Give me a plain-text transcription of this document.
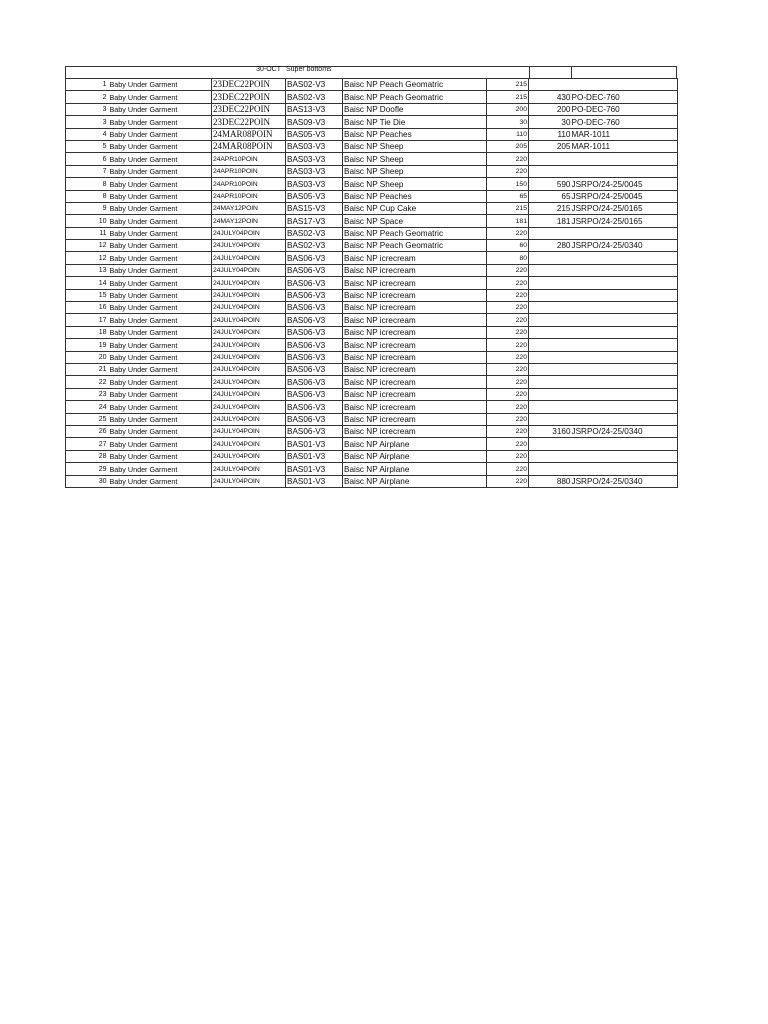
30-OCT Super bottoms
1	Baby Under Garment	23DEC22POIN	BAS02-V3	Baisc NP Peach Geomatric	215		
2	Baby Under Garment	23DEC22POIN	BAS02-V3	Baisc NP Peach Geomatric	215	430	PO-DEC-760
3	Baby Under Garment	23DEC22POIN	BAS13-V3	Baisc NP Doofle	200	200	PO-DEC-760
3	Baby Under Garment	23DEC22POIN	BAS09-V3	Baisc NP Tie Die	30	30	PO-DEC-760
4	Baby Under Garment	24MAR08POIN	BAS05-V3	Baisc NP Peaches	110	110	MAR-1011
5	Baby Under Garment	24MAR08POIN	BAS03-V3	Baisc NP Sheep	205	205	MAR-1011
6	Baby Under Garment	24APR10POIN	BAS03-V3	Baisc NP Sheep	220		
7	Baby Under Garment	24APR10POIN	BAS03-V3	Baisc NP Sheep	220		
8	Baby Under Garment	24APR10POIN	BAS03-V3	Baisc NP Sheep	150	590	JSRPO/24-25/0045
8	Baby Under Garment	24APR10POIN	BAS05-V3	Baisc NP Peaches	65	65	JSRPO/24-25/0045
9	Baby Under Garment	24MAY12POIN	BAS15-V3	Baisc NP Cup Cake	215	215	JSRPO/24-25/0165
10	Baby Under Garment	24MAY12POIN	BAS17-V3	Baisc NP Space	181	181	JSRPO/24-25/0165
11	Baby Under Garment	24JULY04POIN	BAS02-V3	Baisc NP Peach Geomatric	220		
12	Baby Under Garment	24JULY04POIN	BAS02-V3	Baisc NP Peach Geomatric	60	280	JSRPO/24-25/0340
12	Baby Under Garment	24JULY04POIN	BAS06-V3	Baisc NP icrecream	80		
13	Baby Under Garment	24JULY04POIN	BAS06-V3	Baisc NP icrecream	220		
14	Baby Under Garment	24JULY04POIN	BAS06-V3	Baisc NP icrecream	220		
15	Baby Under Garment	24JULY04POIN	BAS06-V3	Baisc NP icrecream	220		
16	Baby Under Garment	24JULY04POIN	BAS06-V3	Baisc NP icrecream	220		
17	Baby Under Garment	24JULY04POIN	BAS06-V3	Baisc NP icrecream	220		
18	Baby Under Garment	24JULY04POIN	BAS06-V3	Baisc NP icrecream	220		
19	Baby Under Garment	24JULY04POIN	BAS06-V3	Baisc NP icrecream	220		
20	Baby Under Garment	24JULY04POIN	BAS06-V3	Baisc NP icrecream	220		
21	Baby Under Garment	24JULY04POIN	BAS06-V3	Baisc NP icrecream	220		
22	Baby Under Garment	24JULY04POIN	BAS06-V3	Baisc NP icrecream	220		
23	Baby Under Garment	24JULY04POIN	BAS06-V3	Baisc NP icrecream	220		
24	Baby Under Garment	24JULY04POIN	BAS06-V3	Baisc NP icrecream	220		
25	Baby Under Garment	24JULY04POIN	BAS06-V3	Baisc NP icrecream	220		
26	Baby Under Garment	24JULY04POIN	BAS06-V3	Baisc NP icrecream	220	3160	JSRPO/24-25/0340
27	Baby Under Garment	24JULY04POIN	BAS01-V3	Baisc NP Airplane	220		
28	Baby Under Garment	24JULY04POIN	BAS01-V3	Baisc NP Airplane	220		
29	Baby Under Garment	24JULY04POIN	BAS01-V3	Baisc NP Airplane	220		
30	Baby Under Garment	24JULY04POIN	BAS01-V3	Baisc NP Airplane	220	880	JSRPO/24-25/0340
